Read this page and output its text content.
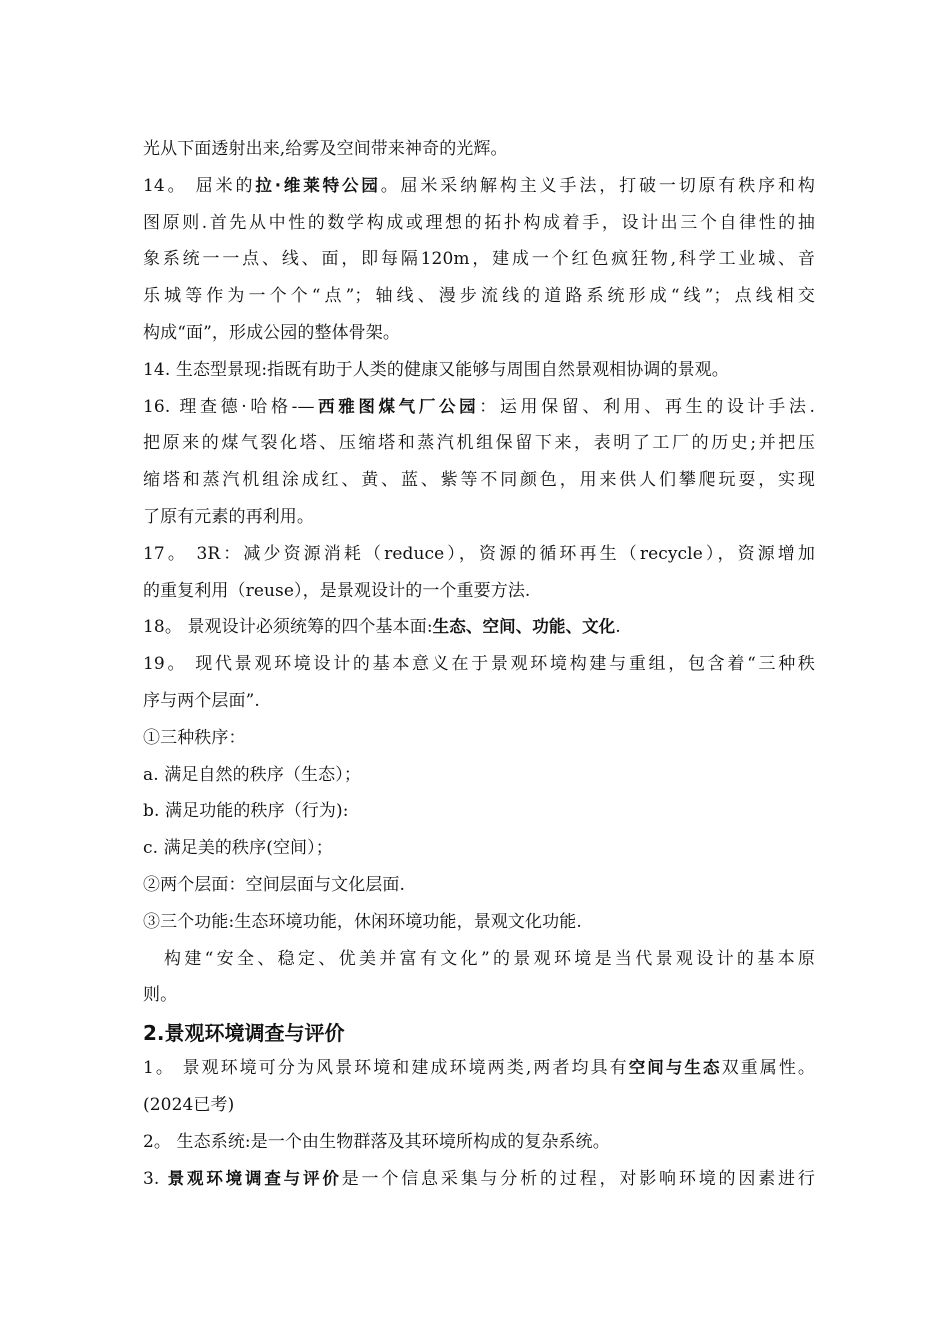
光从下面透射出来,给雾及空间带来神奇的光辉。
14。 屈米的拉·维莱特公园。屈米采纳解构主义手法，打破一切原有秩序和构
图原则.首先从中性的数学构成或理想的拓扑构成着手，设计出三个自律性的抽
象系统一一点、线、面，即每隔120m，建成一个红色疯狂物,科学工业城、音
乐城等作为一个个“点”；轴线、漫步流线的道路系统形成“线”；点线相交
构成“面”，形成公园的整体骨架。
14. 生态型景现:指既有助于人类的健康又能够与周围自然景观相协调的景观。
16. 理查德·哈格-—西雅图煤气厂公园：运用保留、利用、再生的设计手法.
把原来的煤气裂化塔、压缩塔和蒸汽机组保留下来，表明了工厂的历史;并把压
缩塔和蒸汽机组涂成红、黄、蓝、紫等不同颜色，用来供人们攀爬玩耍，实现
了原有元素的再利用。
17。 3R：减少资源消耗（reduce），资源的循环再生（recycle），资源增加
的重复利用（reuse），是景观设计的一个重要方法.
18。 景观设计必须统筹的四个基本面:生态、空间、功能、文化.
19。 现代景观环境设计的基本意义在于景观环境构建与重组，包含着“三种秩
序与两个层面”.
①三种秩序：
a. 满足自然的秩序（生态）；
b. 满足功能的秩序（行为):
c. 满足美的秩序(空间）；
②两个层面：空间层面与文化层面.
③三个功能:生态环境功能，休闲环境功能，景观文化功能.
构建“安全、稳定、优美并富有文化”的景观环境是当代景观设计的基本原
则。
2.景观环境调查与评价
1。 景观环境可分为风景环境和建成环境两类,两者均具有空间与生态双重属性。
(2024已考)
2。 生态系统:是一个由生物群落及其环境所构成的复杂系统。
3. 景观环境调查与评价是一个信息采集与分析的过程，对影响环境的因素进行
